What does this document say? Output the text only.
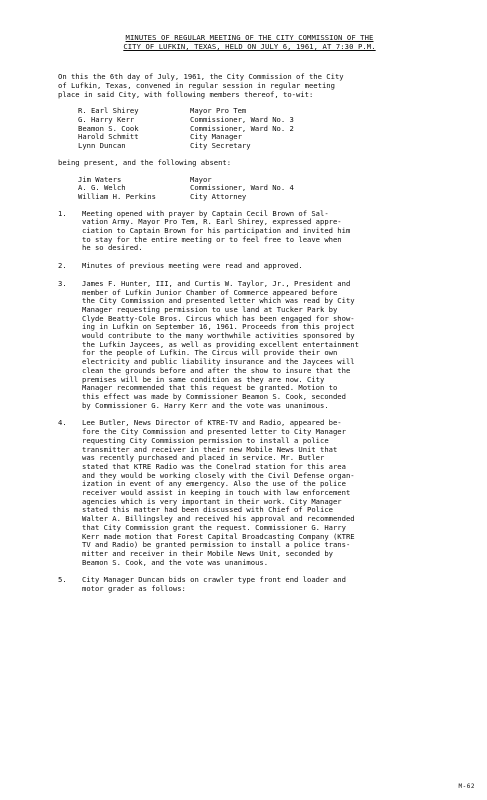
MINUTES OF REGULAR MEETING OF THE CITY COMMISSION OF THE
CITY OF LUFKIN, TEXAS, HELD ON JULY 6, 1961, AT 7:30 P.M.
On this the 6th day of July, 1961, the City Commission of the City
of Lufkin, Texas, convened in regular session in regular meeting
place in said City, with following members thereof, to-wit:
R. Earl Shirey	Mayor Pro Tem
G. Harry Kerr	Commissioner, Ward No. 3
Beamon S. Cook	Commissioner, Ward No. 2
Harold Schmitt	City Manager
Lynn Duncan	City Secretary
being present, and the following absent:
Jim Waters	Mayor
A. G. Welch	Commissioner, Ward No. 4
William H. Perkins	City Attorney
1.	Meeting opened with prayer by Captain Cecil Brown of Sal-
vation Army. Mayor Pro Tem, R. Earl Shirey, expressed appre-
ciation to Captain Brown for his participation and invited him
to stay for the entire meeting or to feel free to leave when
he so desired.
2.	Minutes of previous meeting were read and approved.
3.	James F. Hunter, III, and Curtis W. Taylor, Jr., President and
member of Lufkin Junior Chamber of Commerce appeared before
the City Commission and presented letter which was read by City
Manager requesting permission to use land at Tucker Park by
Clyde Beatty-Cole Bros. Circus which has been engaged for show-
ing in Lufkin on September 16, 1961. Proceeds from this project
would contribute to the many worthwhile activities sponsored by
the Lufkin Jaycees, as well as providing excellent entertainment
for the people of Lufkin. The Circus will provide their own
electricity and public liability insurance and the Jaycees will
clean the grounds before and after the show to insure that the
premises will be in same condition as they are now. City
Manager recommended that this request be granted. Motion to
this effect was made by Commissioner Beamon S. Cook, seconded
by Commissioner G. Harry Kerr and the vote was unanimous.
4.	Lee Butler, News Director of KTRE-TV and Radio, appeared be-
fore the City Commission and presented letter to City Manager
requesting City Commission permission to install a police
transmitter and receiver in their new Mobile News Unit that
was recently purchased and placed in service. Mr. Butler
stated that KTRE Radio was the Conelrad station for this area
and they would be working closely with the Civil Defense organ-
ization in event of any emergency. Also the use of the police
receiver would assist in keeping in touch with law enforcement
agencies which is very important in their work. City Manager
stated this matter had been discussed with Chief of Police
Walter A. Billingsley and received his approval and recommended
that City Commission grant the request. Commissioner G. Harry
Kerr made motion that Forest Capital Broadcasting Company (KTRE
TV and Radio) be granted permission to install a police trans-
mitter and receiver in their Mobile News Unit, seconded by
Beamon S. Cook, and the vote was unanimous.
5.	City Manager Duncan bids on crawler type front end loader and
motor grader as follows:
M-62
